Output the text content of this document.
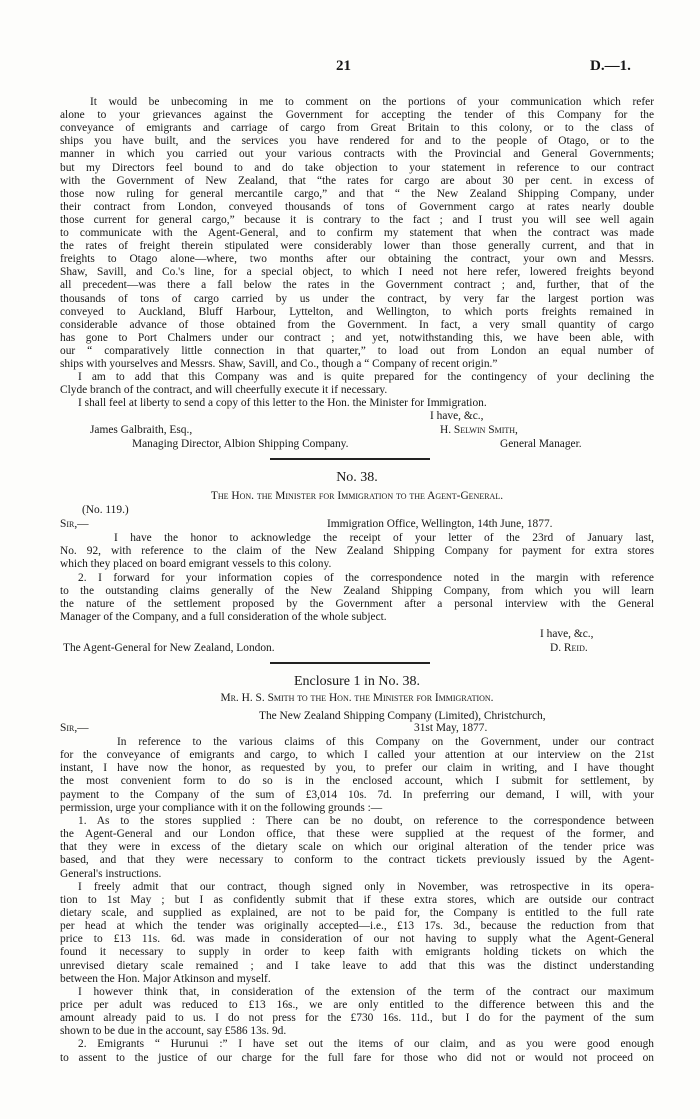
21	D.—1.
It would be unbecoming in me to comment on the portions of your communication which refer
alone to your grievances against the Government for accepting the tender of this Company for the
conveyance of emigrants and carriage of cargo from Great Britain to this colony, or to the class of
ships you have built, and the services you have rendered for and to the people of Otago, or to the
manner in which you carried out your various contracts with the Provincial and General Governments;
but my Directors feel bound to and do take objection to your statement in reference to our contract
with the Government of New Zealand, that “the rates for cargo are about 30 per cent. in excess of
those now ruling for general mercantile cargo,” and that “ the New Zealand Shipping Company, under
their contract from London, conveyed thousands of tons of Government cargo at rates nearly double
those current for general cargo,” because it is contrary to the fact ; and I trust you will see well again
to communicate with the Agent-General, and to confirm my statement that when the contract was made
the rates of freight therein stipulated were considerably lower than those generally current, and that in
freights to Otago alone—where, two months after our obtaining the contract, your own and Messrs.
Shaw, Savill, and Co.'s line, for a special object, to which I need not here refer, lowered freights beyond
all precedent—was there a fall below the rates in the Government contract ; and, further, that of the
thousands of tons of cargo carried by us under the contract, by very far the largest portion was
conveyed to Auckland, Bluff Harbour, Lyttelton, and Wellington, to which ports freights remained in
considerable advance of those obtained from the Government. In fact, a very small quantity of cargo
has gone to Port Chalmers under our contract ; and yet, notwithstanding this, we have been able, with
our “ comparatively little connection in that quarter,” to load out from London an equal number of
ships with yourselves and Messrs. Shaw, Savill, and Co., though a “ Company of recent origin.”
I am to add that this Company was and is quite prepared for the contingency of your declining the
Clyde branch of the contract, and will cheerfully execute it if necessary.
I shall feel at liberty to send a copy of this letter to the Hon. the Minister for Immigration.
I have, &c.,
James Galbraith, Esq.,	H. Selwin Smith,
Managing Director, Albion Shipping Company.	General Manager.
No. 38.
The Hon. the Minister for Immigration to the Agent-General.
(No. 119.)
Sir,—	Immigration Office, Wellington, 14th June, 1877.
I have the honor to acknowledge the receipt of your letter of the 23rd of January last,
No. 92, with reference to the claim of the New Zealand Shipping Company for payment for extra stores
which they placed on board emigrant vessels to this colony.
2. I forward for your information copies of the correspondence noted in the margin with reference
to the outstanding claims generally of the New Zealand Shipping Company, from which you will learn
the nature of the settlement proposed by the Government after a personal interview with the General
Manager of the Company, and a full consideration of the whole subject.
I have, &c.,
The Agent-General for New Zealand, London.	D. Reid.
Enclosure 1 in No. 38.
Mr. H. S. Smith to the Hon. the Minister for Immigration.
The New Zealand Shipping Company (Limited), Christchurch,
Sir,—	31st May, 1877.
In reference to the various claims of this Company on the Government, under our contract
for the conveyance of emigrants and cargo, to which I called your attention at our interview on the 21st
instant, I have now the honor, as requested by you, to prefer our claim in writing, and I have thought
the most convenient form to do so is in the enclosed account, which I submit for settlement, by
payment to the Company of the sum of £3,014 10s. 7d. In preferring our demand, I will, with your
permission, urge your compliance with it on the following grounds :—
1. As to the stores supplied : There can be no doubt, on reference to the correspondence between
the Agent-General and our London office, that these were supplied at the request of the former, and
that they were in excess of the dietary scale on which our original alteration of the tender price was
based, and that they were necessary to conform to the contract tickets previously issued by the Agent-
General's instructions.
I freely admit that our contract, though signed only in November, was retrospective in its opera-
tion to 1st May ; but I as confidently submit that if these extra stores, which are outside our contract
dietary scale, and supplied as explained, are not to be paid for, the Company is entitled to the full rate
per head at which the tender was originally accepted—i.e., £13 17s. 3d., because the reduction from that
price to £13 11s. 6d. was made in consideration of our not having to supply what the Agent-General
found it necessary to supply in order to keep faith with emigrants holding tickets on which the
unrevised dietary scale remained ; and I take leave to add that this was the distinct understanding
between the Hon. Major Atkinson and myself.
I however think that, in consideration of the extension of the term of the contract our maximum
price per adult was reduced to £13 16s., we are only entitled to the difference between this and the
amount already paid to us. I do not press for the £730 16s. 11d., but I do for the payment of the sum
shown to be due in the account, say £586 13s. 9d.
2. Emigrants “ Hurunui :” I have set out the items of our claim, and as you were good enough
to assent to the justice of our charge for the full fare for those who did not or would not proceed on
